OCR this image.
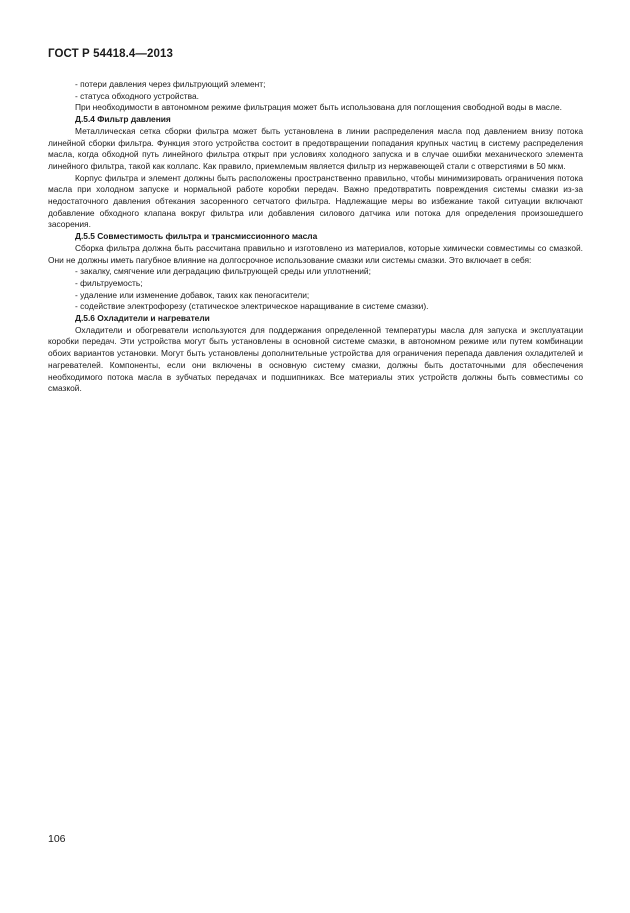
ГОСТ Р 54418.4—2013

- потери давления через фильтрующий элемент;

- статуса обходного устройства.

При необходимости в автономном режиме фильтрация может быть использована для поглощения свободной воды в масле.

Д.5.4 Фильтр давления

Металлическая сетка сборки фильтра может быть установлена в линии распределения масла под давлением внизу потока линейной сборки фильтра. Функция этого устройства состоит в предотвращении попадания крупных частиц в систему распределения масла, когда обходной путь линейного фильтра открыт при условиях холодного запуска и в случае ошибки механического элемента линейного фильтра, такой как коллапс. Как правило, приемлемым является фильтр из нержавеющей стали с отверстиями в 50 мкм.

Корпус фильтра и элемент должны быть расположены пространственно правильно, чтобы минимизировать ограничения потока масла при холодном запуске и нормальной работе коробки передач. Важно предотвратить повреждения системы смазки из-за недостаточного давления обтекания засоренного сетчатого фильтра. Надлежащие меры во избежание такой ситуации включают добавление обходного клапана вокруг фильтра или добавления силового датчика или потока для определения произошедшего засорения.

Д.5.5 Совместимость фильтра и трансмиссионного масла

Сборка фильтра должна быть рассчитана правильно и изготовлено из материалов, которые химически совместимы со смазкой. Они не должны иметь пагубное влияние на долгосрочное использование смазки или системы смазки. Это включает в себя:

- закалку, смягчение или деградацию фильтрующей среды или уплотнений;

- фильтруемость;

- удаление или изменение добавок, таких как пеногасители;

- содействие электрофорезу (статическое электрическое наращивание в системе смазки).

Д.5.6 Охладители и нагреватели

Охладители и обогреватели используются для поддержания определенной температуры масла для запуска и эксплуатации коробки передач. Эти устройства могут быть установлены в основной системе смазки, в автономном режиме или путем комбинации обоих вариантов установки. Могут быть установлены дополнительные устройства для ограничения перепада давления охладителей и нагревателей. Компоненты, если они включены в основную систему смазки, должны быть достаточными для обеспечения необходимого потока масла в зубчатых передачах и подшипниках. Все материалы этих устройств должны быть совместимы со смазкой.

106
